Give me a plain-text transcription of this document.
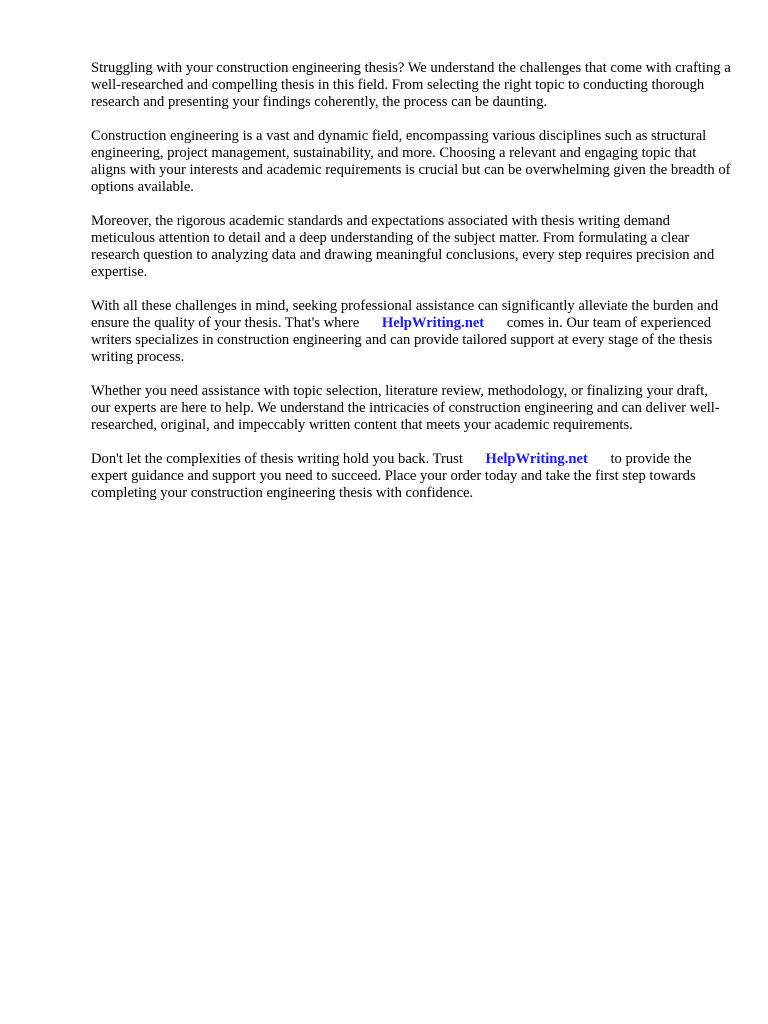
Struggling with your construction engineering thesis? We understand the challenges that come with crafting a well-researched and compelling thesis in this field. From selecting the right topic to conducting thorough research and presenting your findings coherently, the process can be daunting.

Construction engineering is a vast and dynamic field, encompassing various disciplines such as structural engineering, project management, sustainability, and more. Choosing a relevant and engaging topic that aligns with your interests and academic requirements is crucial but can be overwhelming given the breadth of options available.

Moreover, the rigorous academic standards and expectations associated with thesis writing demand meticulous attention to detail and a deep understanding of the subject matter. From formulating a clear research question to analyzing data and drawing meaningful conclusions, every step requires precision and expertise.

With all these challenges in mind, seeking professional assistance can significantly alleviate the burden and ensure the quality of your thesis. That's where HelpWriting.net comes in. Our team of experienced writers specializes in construction engineering and can provide tailored support at every stage of the thesis writing process.

Whether you need assistance with topic selection, literature review, methodology, or finalizing your draft, our experts are here to help. We understand the intricacies of construction engineering and can deliver well-researched, original, and impeccably written content that meets your academic requirements.

Don't let the complexities of thesis writing hold you back. Trust HelpWriting.net to provide the expert guidance and support you need to succeed. Place your order today and take the first step towards completing your construction engineering thesis with confidence.
